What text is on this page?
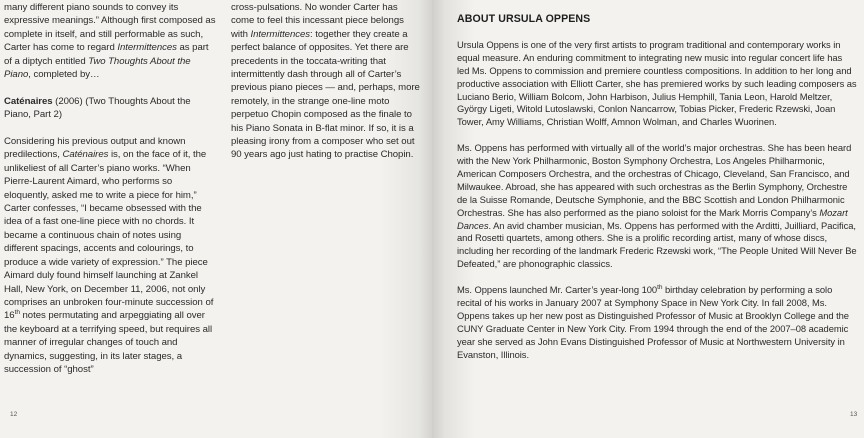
many different piano sounds to convey its expressive meanings.” Although first composed as complete in itself, and still performable as such, Carter has come to regard Intermittences as part of a diptych entitled Two Thoughts About the Piano, completed by…

Caténaires (2006) (Two Thoughts About the Piano, Part 2)

Considering his previous output and known predilections, Caténaires is, on the face of it, the unlikeliest of all Carter’s piano works. “When Pierre-Laurent Aimard, who performs so eloquently, asked me to write a piece for him,” Carter confesses, “I became obsessed with the idea of a fast one-line piece with no chords. It became a continuous chain of notes using different spacings, accents and colourings, to produce a wide variety of expression.” The piece Aimard duly found himself launching at Zankel Hall, New York, on December 11, 2006, not only comprises an unbroken four-minute succession of 16th notes permutating and arpeggiating all over the keyboard at a terrifying speed, but requires all manner of irregular changes of touch and dynamics, suggesting, in its later stages, a succession of “ghost”

cross-pulsations. No wonder Carter has come to feel this incessant piece belongs with Intermittences: together they create a perfect balance of opposites. Yet there are precedents in the toccata-writing that intermittently dash through all of Carter’s previous piano pieces — and, perhaps, more remotely, in the strange one-line moto perpetuo Chopin composed as the finale to his Piano Sonata in B-flat minor. If so, it is a pleasing irony from a composer who set out 90 years ago just hating to practise Chopin.

12

ABOUT URSULA OPPENS

Ursula Oppens is one of the very first artists to program traditional and contemporary works in equal measure. An enduring commitment to integrating new music into regular concert life has led Ms. Oppens to commission and premiere countless compositions. In addition to her long and productive association with Elliott Carter, she has premiered works by such leading composers as Luciano Berio, William Bolcom, John Harbison, Julius Hemphill, Tania Leon, Harold Meltzer, György Ligeti, Witold Lutoslawski, Conlon Nancarrow, Tobias Picker, Frederic Rzewski, Joan Tower, Amy Williams, Christian Wolff, Amnon Wolman, and Charles Wuorinen.

Ms. Oppens has performed with virtually all of the world’s major orchestras. She has been heard with the New York Philharmonic, Boston Symphony Orchestra, Los Angeles Philharmonic, American Composers Orchestra, and the orchestras of Chicago, Cleveland, San Francisco, and Milwaukee. Abroad, she has appeared with such orchestras as the Berlin Symphony, Orchestre de la Suisse Romande, Deutsche Symphonie, and the BBC Scottish and London Philharmonic Orchestras. She has also performed as the piano soloist for the Mark Morris Company’s Mozart Dances. An avid chamber musician, Ms. Oppens has performed with the Arditti, Juilliard, Pacifica, and Rosetti quartets, among others. She is a prolific recording artist, many of whose discs, including her recording of the landmark Frederic Rzewski work, “The People United Will Never Be Defeated,” are phonographic classics.

Ms. Oppens launched Mr. Carter’s year-long 100th birthday celebration by performing a solo recital of his works in January 2007 at Symphony Space in New York City. In fall 2008, Ms. Oppens takes up her new post as Distinguished Professor of Music at Brooklyn College and the CUNY Graduate Center in New York City. From 1994 through the end of the 2007–08 academic year she served as John Evans Distinguished Professor of Music at Northwestern University in Evanston, Illinois.

13
